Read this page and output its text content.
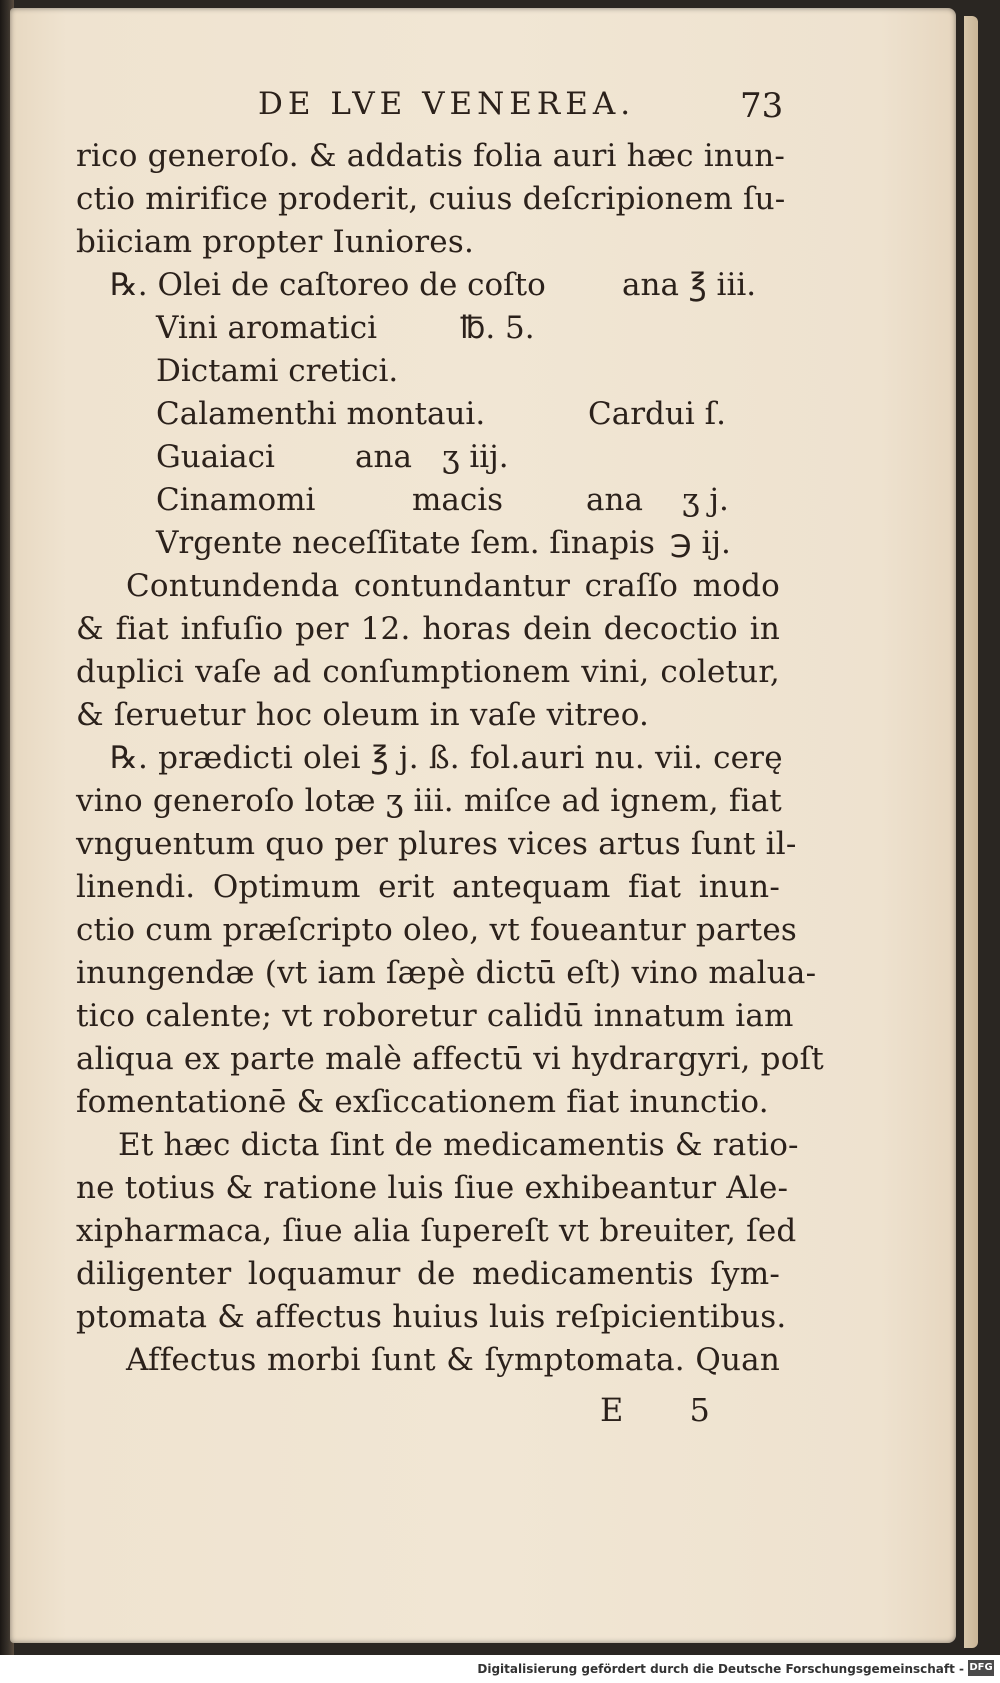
DE LVE VENEREA.	73

rico generoſo. & addatis folia auri hæc inun-

ctio mirifice proderit, cuius deſcripionem ſu-

biiciam propter Iuniores.

℞. Olei de caſtoreo de coſto ana ℥ iii.
Vini aromatici	℔. 5.
Dictami cretici.
Calamenthi montaui.	Cardui ſ.
Guaiaci	ana ʒ iij.
Cinamomi	macis	ana ʒ j.
Vrgente neceſſitate ſem. ſinapis ℈ ij.

Contundenda contundantur craſſo modo

& fiat infuſio per 12. horas dein decoctio in

duplici vaſe ad conſumptionem vini, coletur,

& ſeruetur hoc oleum in vaſe vitreo.

℞. prædicti olei ℥ j. ß. fol.auri nu. vii. cerę

vino generoſo lotæ ʒ iii. miſce ad ignem, fiat

vnguentum quo per plures vices artus ſunt il-

linendi. Optimum erit antequam fiat inun-

ctio cum præſcripto oleo, vt foueantur partes

inungendæ (vt iam ſæpè dictū eſt) vino malua-

tico calente; vt roboretur calidū innatum iam

aliqua ex parte malè affectū vi hydrargyri, poſt

fomentationē & exſiccationem fiat inunctio.

Et hæc dicta ſint de medicamentis & ratio-

ne totius & ratione luis ſiue exhibeantur Ale-

xipharmaca, ſiue alia ſupereſt vt breuiter, ſed

diligenter loquamur de medicamentis ſym-

ptomata & affectus huius luis reſpicientibus.

Affectus morbi ſunt & ſymptomata. Quan

E 5

Digitalisierung gefördert durch die Deutsche Forschungsgemeinschaft - DFG
